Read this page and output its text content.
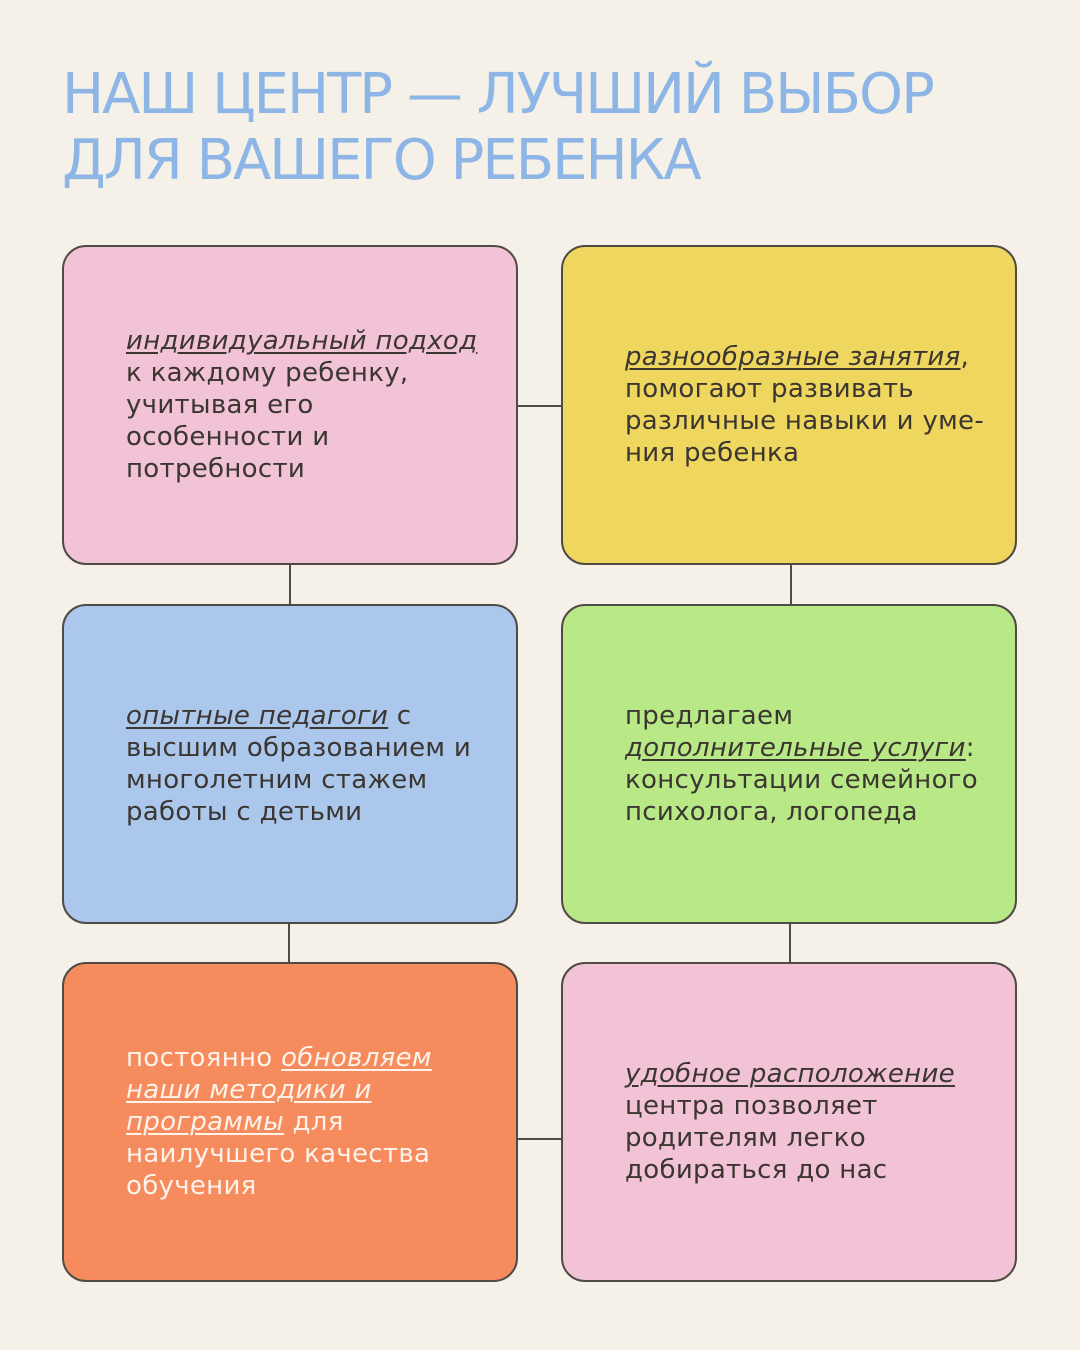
НАШ ЦЕНТР — ЛУЧШИЙ ВЫБОР
ДЛЯ ВАШЕГО РЕБЕНКА
индивидуальный подход к каждому ребенку, учитывая его особенности и потребности
разнообразные занятия, помогают развивать различные навыки и уме-ния ребенка
опытные педагоги с высшим образованием и многолетним стажем работы с детьми
предлагаем дополнительные услуги: консультации семейного психолога, логопеда
постоянно обновляем наши методики и программы для наилучшего качества обучения
удобное расположение центра позволяет родителям легко добираться до нас
